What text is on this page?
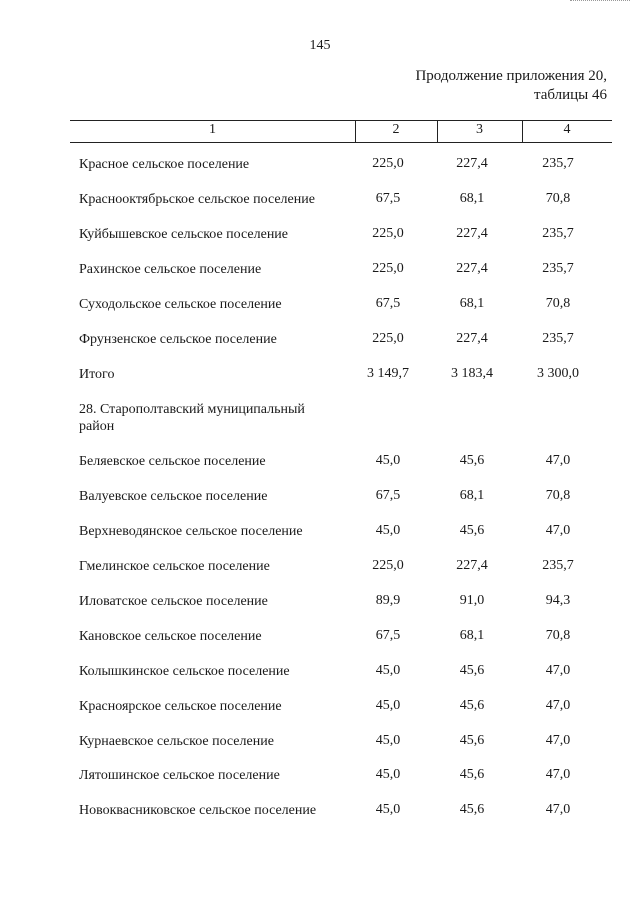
145
Продолжение приложения 20,
таблицы 46
1	2	3	4
Красное сельское поселение	225,0	227,4	235,7
Краснооктябрьское сельское поселение	67,5	68,1	70,8
Куйбышевское сельское поселение	225,0	227,4	235,7
Рахинское сельское поселение	225,0	227,4	235,7
Суходольское сельское поселение	67,5	68,1	70,8
Фрунзенское сельское поселение	225,0	227,4	235,7
Итого	3 149,7	3 183,4	3 300,0
28. Старополтавский муниципальный район
Беляевское сельское поселение	45,0	45,6	47,0
Валуевское сельское поселение	67,5	68,1	70,8
Верхневодянское сельское поселение	45,0	45,6	47,0
Гмелинское сельское поселение	225,0	227,4	235,7
Иловатское сельское поселение	89,9	91,0	94,3
Кановское сельское поселение	67,5	68,1	70,8
Колышкинское сельское поселение	45,0	45,6	47,0
Красноярское сельское поселение	45,0	45,6	47,0
Курнаевское сельское поселение	45,0	45,6	47,0
Лятошинское сельское поселение	45,0	45,6	47,0
Новоквасниковское сельское поселение	45,0	45,6	47,0
